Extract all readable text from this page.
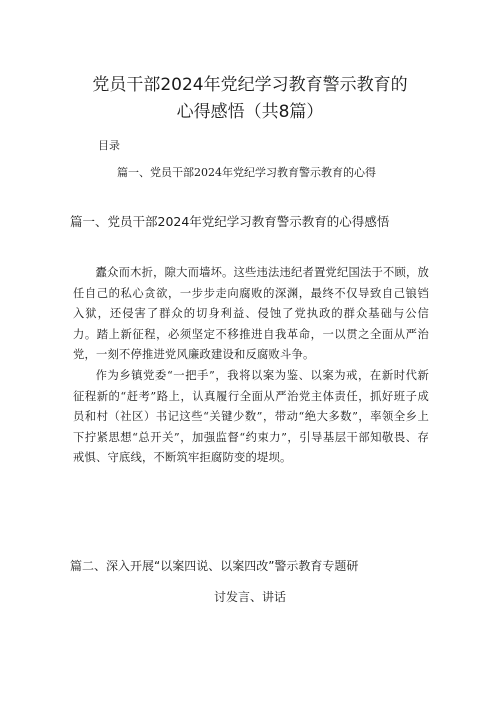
党员干部2024年党纪学习教育警示教育的
心得感悟（共8篇）
目录
篇一、党员干部2024年党纪学习教育警示教育的心得
篇一、党员干部2024年党纪学习教育警示教育的心得感悟

蠹众而木折，隙大而墙坏。这些违法违纪者置党纪国法于不顾，放任自己的私心贪欲，一步步走向腐败的深渊，最终不仅导致自己锒铛入狱，还侵害了群众的切身利益、侵蚀了党执政的群众基础与公信力。踏上新征程，必须坚定不移推进自我革命，一以贯之全面从严治党，一刻不停推进党风廉政建设和反腐败斗争。

作为乡镇党委“一把手”，我将以案为鉴、以案为戒，在新时代新征程新的“赶考”路上，认真履行全面从严治党主体责任，抓好班子成员和村（社区）书记这些“关键少数”，带动“绝大多数”，率领全乡上下拧紧思想“总开关”，加强监督“约束力”，引导基层干部知敬畏、存戒惧、守底线，不断筑牢拒腐防变的堤坝。

篇二、深入开展“以案四说、以案四改”警示教育专题研
讨发言、讲话
